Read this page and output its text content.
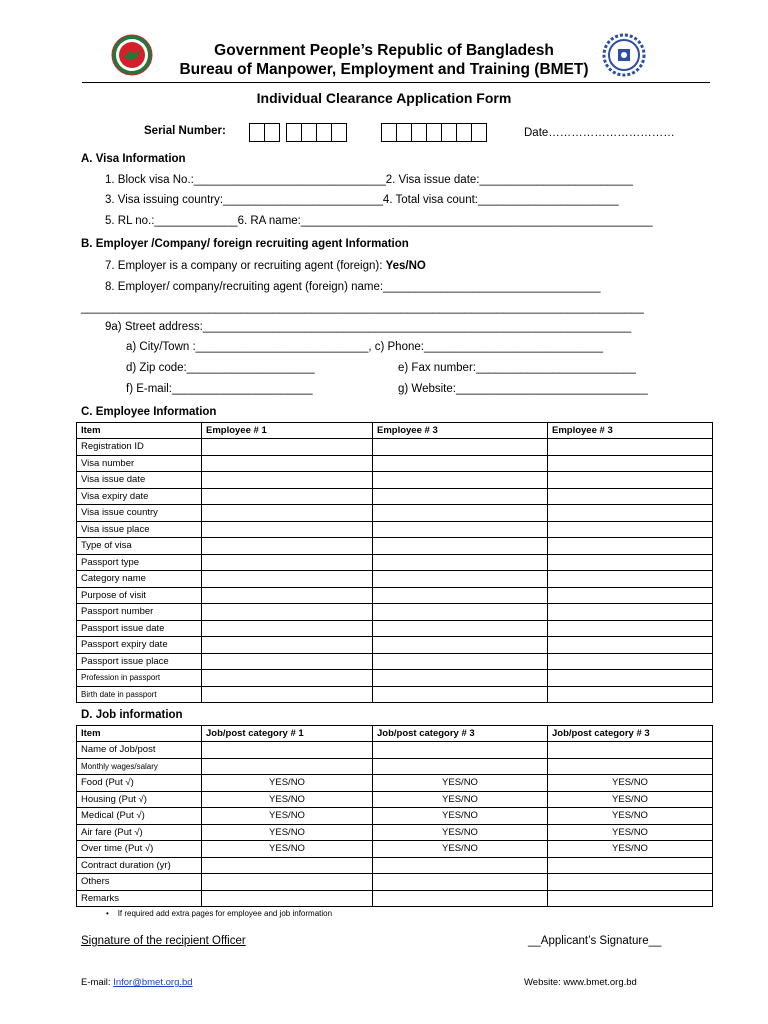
Government People’s Republic of Bangladesh
Bureau of Manpower, Employment and Training (BMET)
Individual Clearance Application Form
Serial Number:	Date……………………………
A. Visa Information
1. Block visa No.:______________________________2. Visa issue date:________________________
3. Visa issuing country:_________________________4. Total visa count:______________________
5. RL no.:_____________6. RA name:_______________________________________________________
B. Employer /Company/ foreign recruiting agent Information
7. Employer is a company or recruiting agent (foreign): Yes/NO
8. Employer/ company/recruiting agent (foreign) name:__________________________________
________________________________________________________________________________________
9a) Street address:___________________________________________________________________
a) City/Town :___________________________, c) Phone:____________________________
d) Zip code:____________________	e) Fax number:_________________________
f) E-mail:______________________	g) Website:______________________________
C. Employee Information
Item	Employee # 1	Employee # 3	Employee # 3
Registration ID			
Visa number			
Visa issue date			
Visa expiry date			
Visa issue country			
Visa issue place			
Type of visa			
Passport type			
Category name			
Purpose of visit			
Passport number			
Passport issue date			
Passport expiry date			
Passport issue place			
Profession in passport			
Birth date in passport			
D. Job information
Item	Job/post category # 1	Job/post category # 3	Job/post category # 3
Name of Job/post			
Monthly wages/salary			
Food (Put √)	YES/NO	YES/NO	YES/NO
Housing (Put √)	YES/NO	YES/NO	YES/NO
Medical (Put √)	YES/NO	YES/NO	YES/NO
Air fare (Put √)	YES/NO	YES/NO	YES/NO
Over time (Put √)	YES/NO	YES/NO	YES/NO
Contract duration (yr)			
Others			
Remarks			
•    If required add extra pages for employee and job information
Signature of the recipient Officer	__Applicant’s Signature__
E-mail: Infor@bmet.org.bd	Website: www.bmet.org.bd
